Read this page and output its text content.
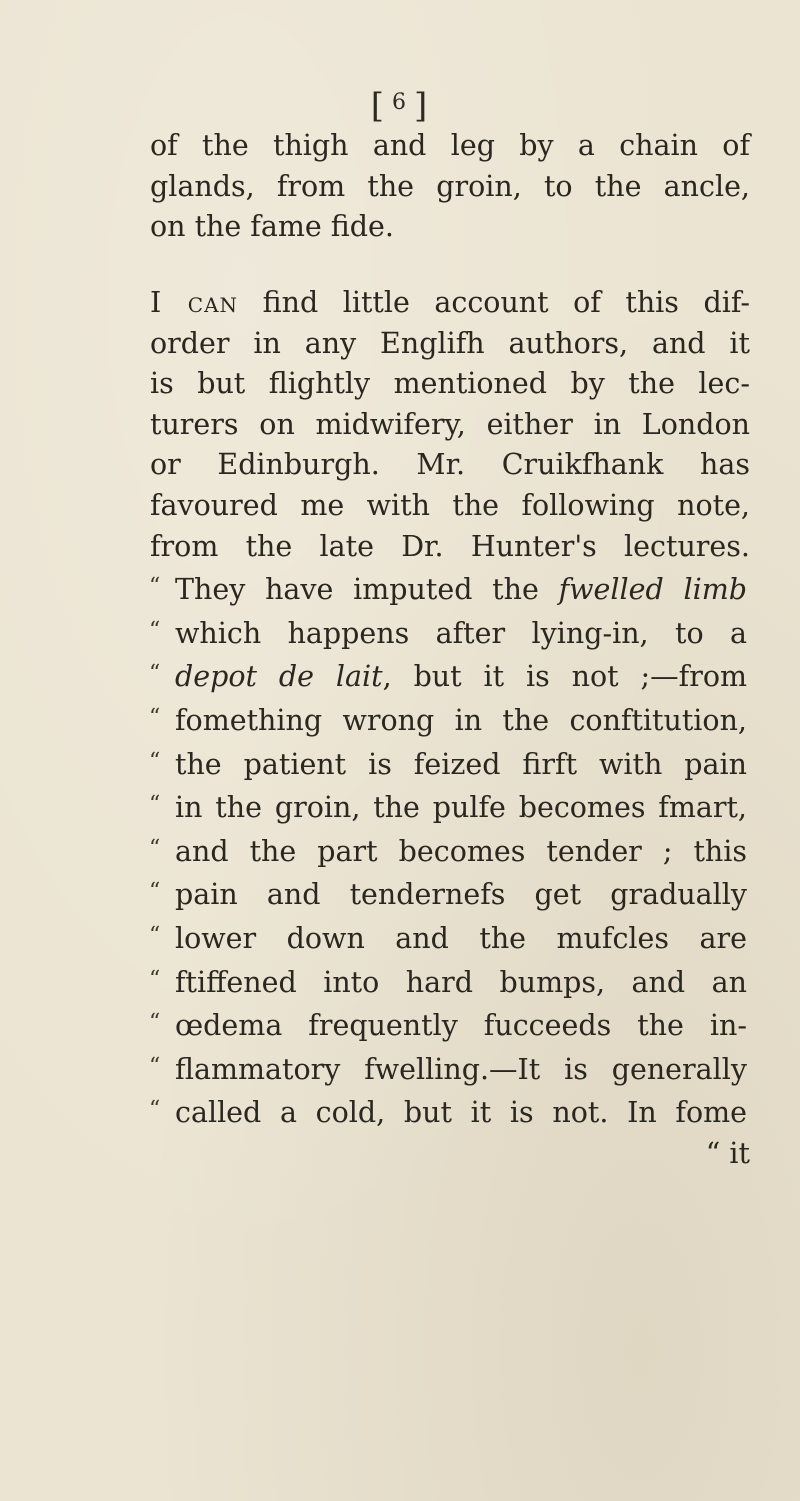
[ $^6$ ]
of the thigh and leg by a chain of
glands, from the groin, to the ancle,
on the fame fide.
I can find little account of this dif-
order in any Englifh authors, and it
is but flightly mentioned by the lec-
turers on midwifery, either in London
or Edinburgh. Mr. Cruikfhank has
favoured me with the following note,
from the late Dr. Hunter's lectures.
“ They have imputed the fwelled limb
“ which happens after lying-in, to a
“ depot de lait, but it is not ;—from
“ fomething wrong in the conftitution,
“ the patient is feized firft with pain
“ in the groin, the pulfe becomes fmart,
“ and the part becomes tender ; this
“ pain and tendernefs get gradually
“ lower down and the mufcles are
“ ftiffened into hard bumps, and an
“ œdema frequently fucceeds the in-
“ flammatory fwelling.—It is generally
“ called a cold, but it is not. In fome
“ it
